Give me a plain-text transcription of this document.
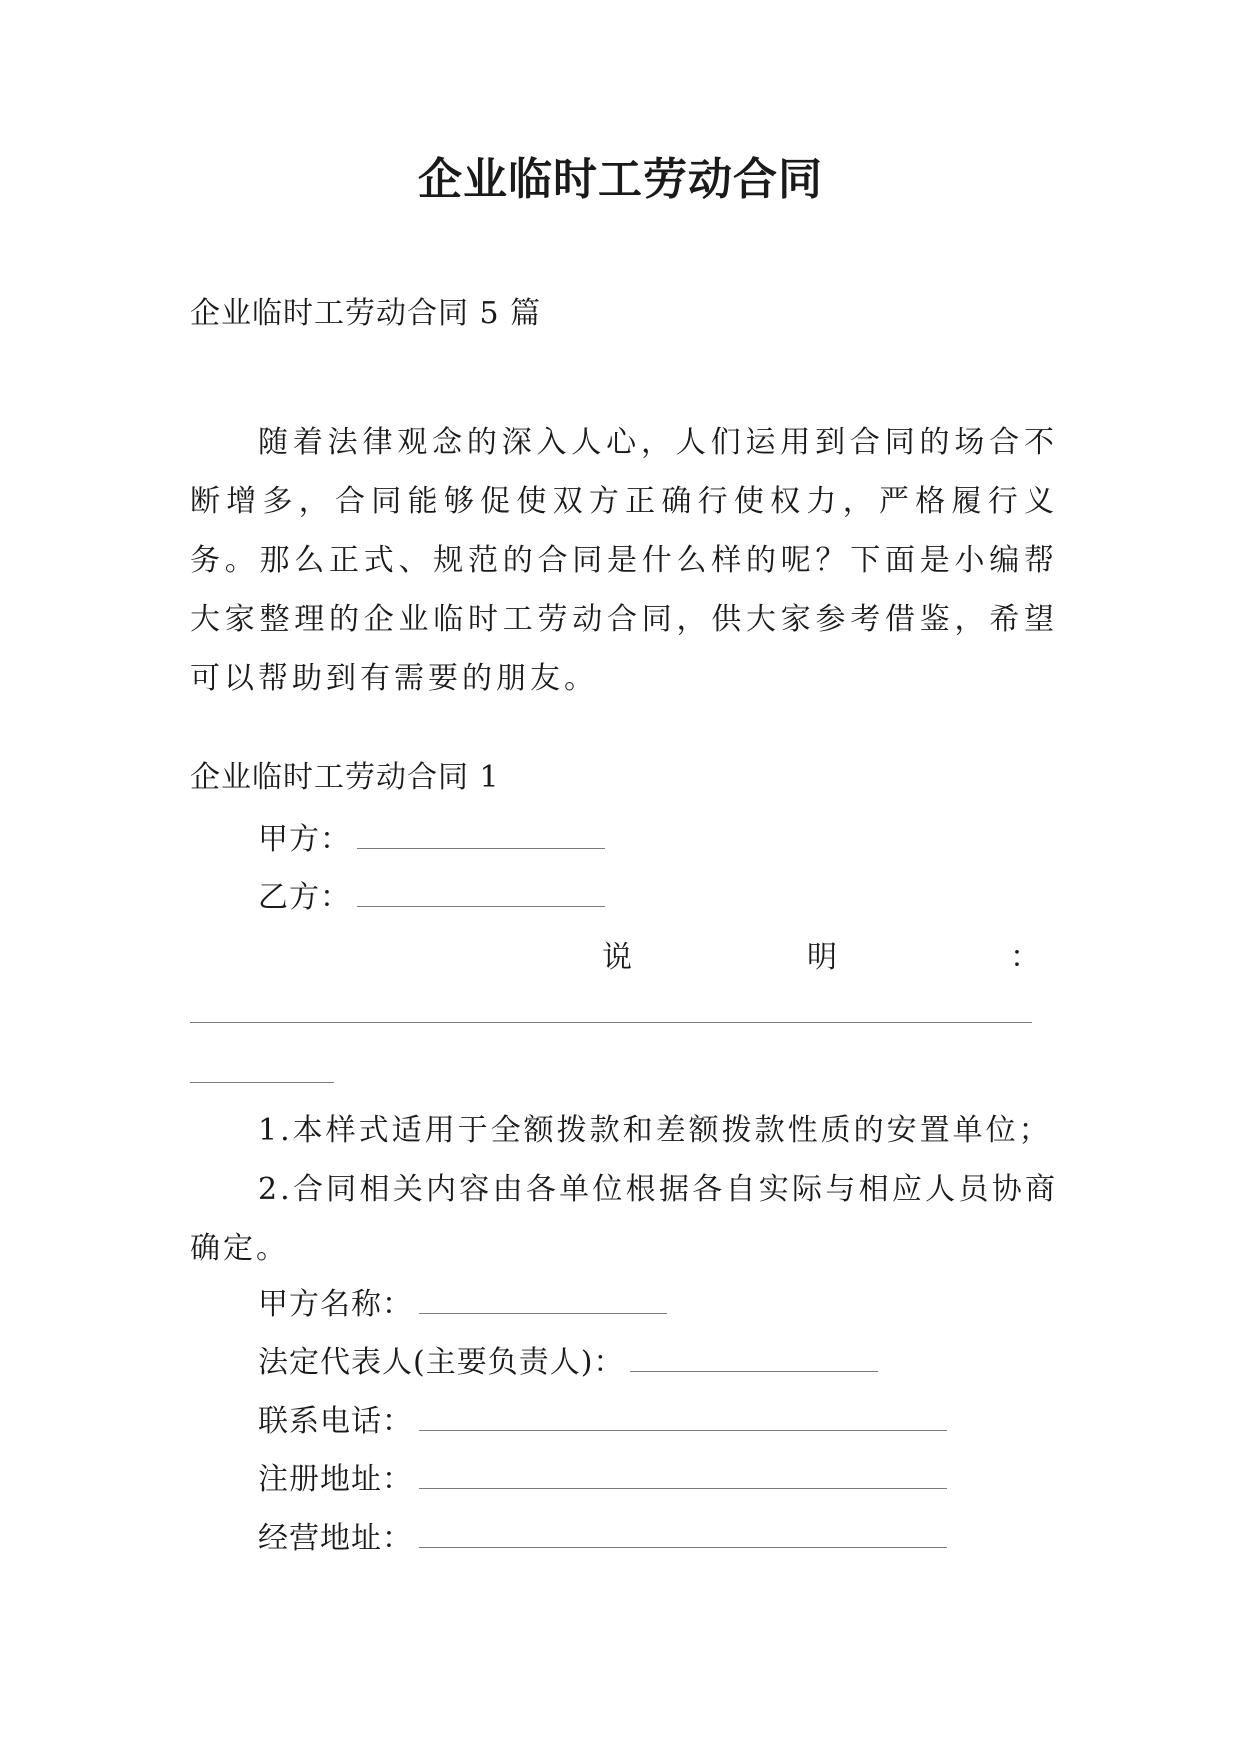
企业临时工劳动合同
企业临时工劳动合同 5 篇
随着法律观念的深入人心，人们运用到合同的场合不断增多，合同能够促使双方正确行使权力，严格履行义务。那么正式、规范的合同是什么样的呢？下面是小编帮大家整理的企业临时工劳动合同，供大家参考借鉴，希望可以帮助到有需要的朋友。
企业临时工劳动合同 1
甲方：
乙方：
说	明	：
1.本样式适用于全额拨款和差额拨款性质的安置单位；
2.合同相关内容由各单位根据各自实际与相应人员协商确定。
甲方名称：
法定代表人(主要负责人)：
联系电话：
注册地址：
经营地址：
